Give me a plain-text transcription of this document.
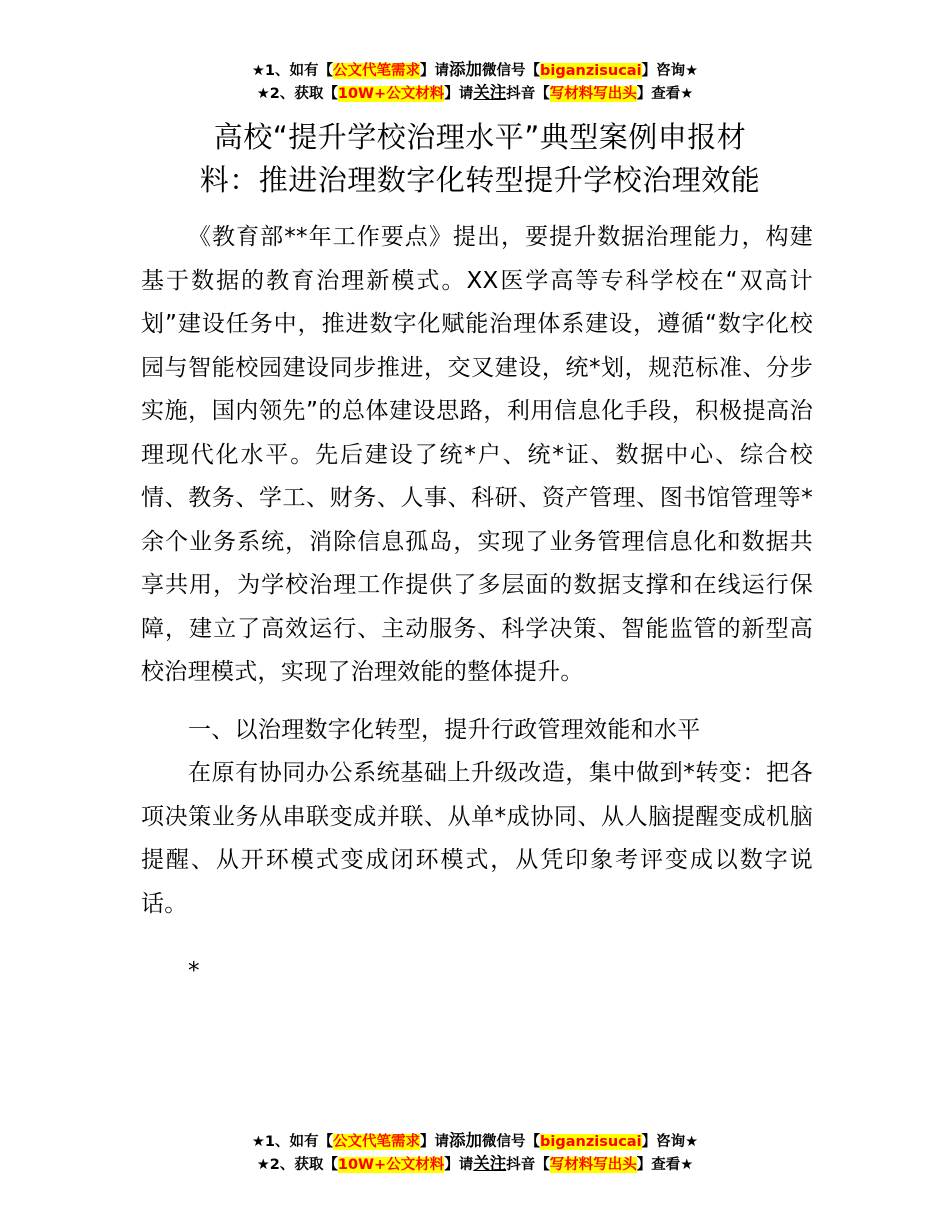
★1、如有【公文代笔需求】请添加微信号【biganzisucai】咨询★
★2、获取【10W+公文材料】请关注抖音【写材料写出头】查看★
高校“提升学校治理水平”典型案例申报材
料：推进治理数字化转型提升学校治理效能

《教育部**年工作要点》提出，要提升数据治理能力，构建基于数据的教育治理新模式。XX医学高等专科学校在“双高计划”建设任务中，推进数字化赋能治理体系建设，遵循“数字化校园与智能校园建设同步推进，交叉建设，统*划，规范标准、分步实施，国内领先”的总体建设思路，利用信息化手段，积极提高治理现代化水平。先后建设了统*户、统*证、数据中心、综合校情、教务、学工、财务、人事、科研、资产管理、图书馆管理等*余个业务系统，消除信息孤岛，实现了业务管理信息化和数据共享共用，为学校治理工作提供了多层面的数据支撑和在线运行保障，建立了高效运行、主动服务、科学决策、智能监管的新型高校治理模式，实现了治理效能的整体提升。

一、以治理数字化转型，提升行政管理效能和水平

在原有协同办公系统基础上升级改造，集中做到*转变：把各项决策业务从串联变成并联、从单*成协同、从人脑提醒变成机脑提醒、从开环模式变成闭环模式，从凭印象考评变成以数字说话。

*

★1、如有【公文代笔需求】请添加微信号【biganzisucai】咨询★
★2、获取【10W+公文材料】请关注抖音【写材料写出头】查看★
